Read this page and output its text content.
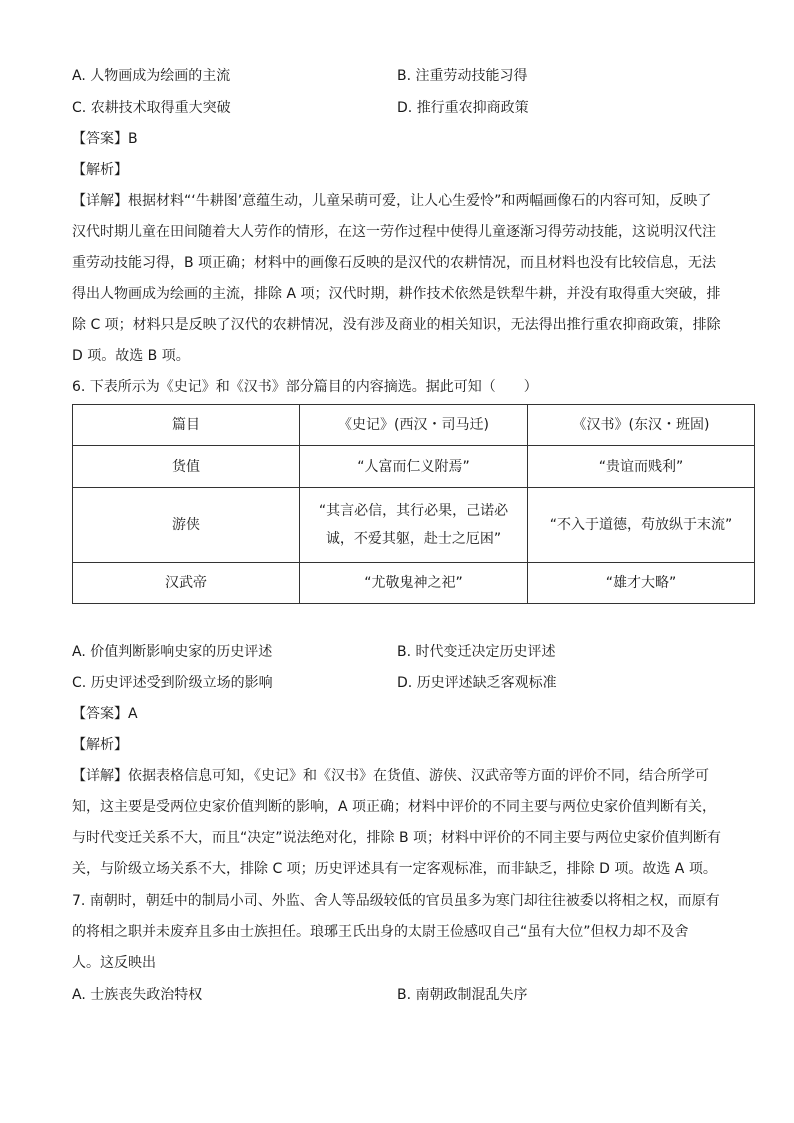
A. 人物画成为绘画的主流	B. 注重劳动技能习得
C. 农耕技术取得重大突破	D. 推行重农抑商政策
【答案】B
【解析】
【详解】根据材料“‘牛耕图’意蕴生动，儿童呆萌可爱，让人心生爱怜”和两幅画像石的内容可知，反映了
汉代时期儿童在田间随着大人劳作的情形，在这一劳作过程中使得儿童逐渐习得劳动技能，这说明汉代注
重劳动技能习得，B 项正确；材料中的画像石反映的是汉代的农耕情况，而且材料也没有比较信息，无法
得出人物画成为绘画的主流，排除 A 项；汉代时期，耕作技术依然是铁犁牛耕，并没有取得重大突破，排
除 C 项；材料只是反映了汉代的农耕情况，没有涉及商业的相关知识，无法得出推行重农抑商政策，排除
D 项。故选 B 项。
6. 下表所示为《史记》和《汉书》部分篇目的内容摘选。据此可知（　　）
篇目	《史记》(西汉・司马迁)	《汉书》(东汉・班固)
货值	“人富而仁义附焉”	“贵谊而贱利”
游侠	“其言必信，其行必果，己诺必
诚，不爱其躯，赴士之厄困”	“不入于道德，苟放纵于末流”
汉武帝	“尤敬鬼神之祀”	“雄才大略”
A. 价值判断影响史家的历史评述	B. 时代变迁决定历史评述
C. 历史评述受到阶级立场的影响	D. 历史评述缺乏客观标准
【答案】A
【解析】
【详解】依据表格信息可知，《史记》和《汉书》在货值、游侠、汉武帝等方面的评价不同，结合所学可
知，这主要是受两位史家价值判断的影响，A 项正确；材料中评价的不同主要与两位史家价值判断有关，
与时代变迁关系不大，而且“决定”说法绝对化，排除 B 项；材料中评价的不同主要与两位史家价值判断有
关，与阶级立场关系不大，排除 C 项；历史评述具有一定客观标准，而非缺乏，排除 D 项。故选 A 项。
7. 南朝时，朝廷中的制局小司、外监、舍人等品级较低的官员虽多为寒门却往往被委以将相之权，而原有
的将相之职并未废弃且多由士族担任。琅琊王氏出身的太尉王俭感叹自己“虽有大位”但权力却不及舍
人。这反映出
A. 士族丧失政治特权	B. 南朝政制混乱失序
